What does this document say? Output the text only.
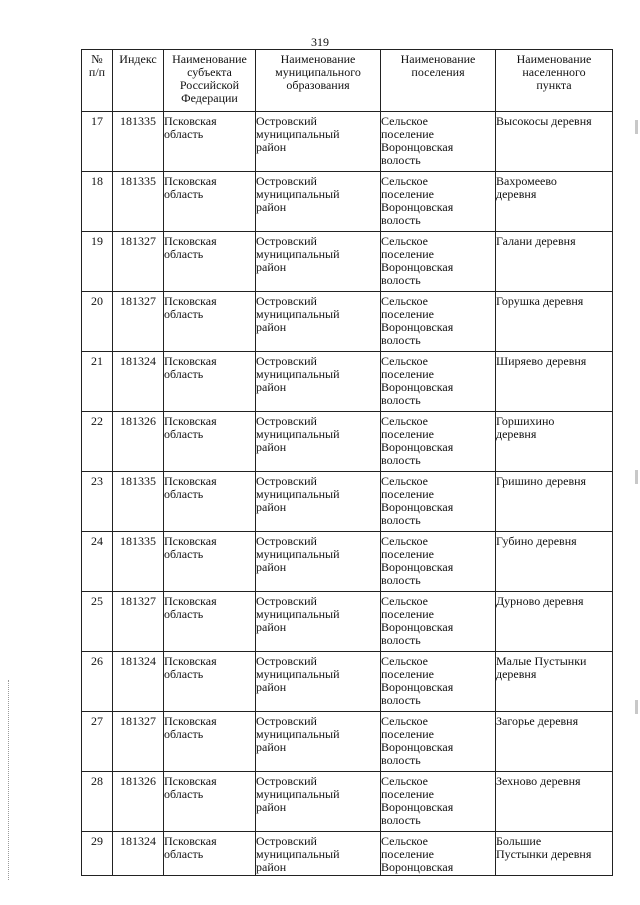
319
№
п/п	Индекс	Наименование
субъекта
Российской
Федерации	Наименование
муниципального
образования	Наименование
поселения	Наименование
населенного
пункта

17	181335	Псковская
область	Островский
муниципальный
район	Сельское
поселение
Воронцовская
волость	Высокосы деревня

18	181335	Псковская
область	Островский
муниципальный
район	Сельское
поселение
Воронцовская
волость	Вахромеево
деревня

19	181327	Псковская
область	Островский
муниципальный
район	Сельское
поселение
Воронцовская
волость	Галани деревня

20	181327	Псковская
область	Островский
муниципальный
район	Сельское
поселение
Воронцовская
волость	Горушка деревня

21	181324	Псковская
область	Островский
муниципальный
район	Сельское
поселение
Воронцовская
волость	Ширяево деревня

22	181326	Псковская
область	Островский
муниципальный
район	Сельское
поселение
Воронцовская
волость	Горшихино
деревня

23	181335	Псковская
область	Островский
муниципальный
район	Сельское
поселение
Воронцовская
волость	Гришино деревня

24	181335	Псковская
область	Островский
муниципальный
район	Сельское
поселение
Воронцовская
волость	Губино деревня

25	181327	Псковская
область	Островский
муниципальный
район	Сельское
поселение
Воронцовская
волость	Дурново деревня

26	181324	Псковская
область	Островский
муниципальный
район	Сельское
поселение
Воронцовская
волость	Малые Пустынки
деревня

27	181327	Псковская
область	Островский
муниципальный
район	Сельское
поселение
Воронцовская
волость	Загорье деревня

28	181326	Псковская
область	Островский
муниципальный
район	Сельское
поселение
Воронцовская
волость	Зехново деревня

29	181324	Псковская
область	Островский
муниципальный
район	Сельское
поселение
Воронцовская	Большие
Пустынки деревня
